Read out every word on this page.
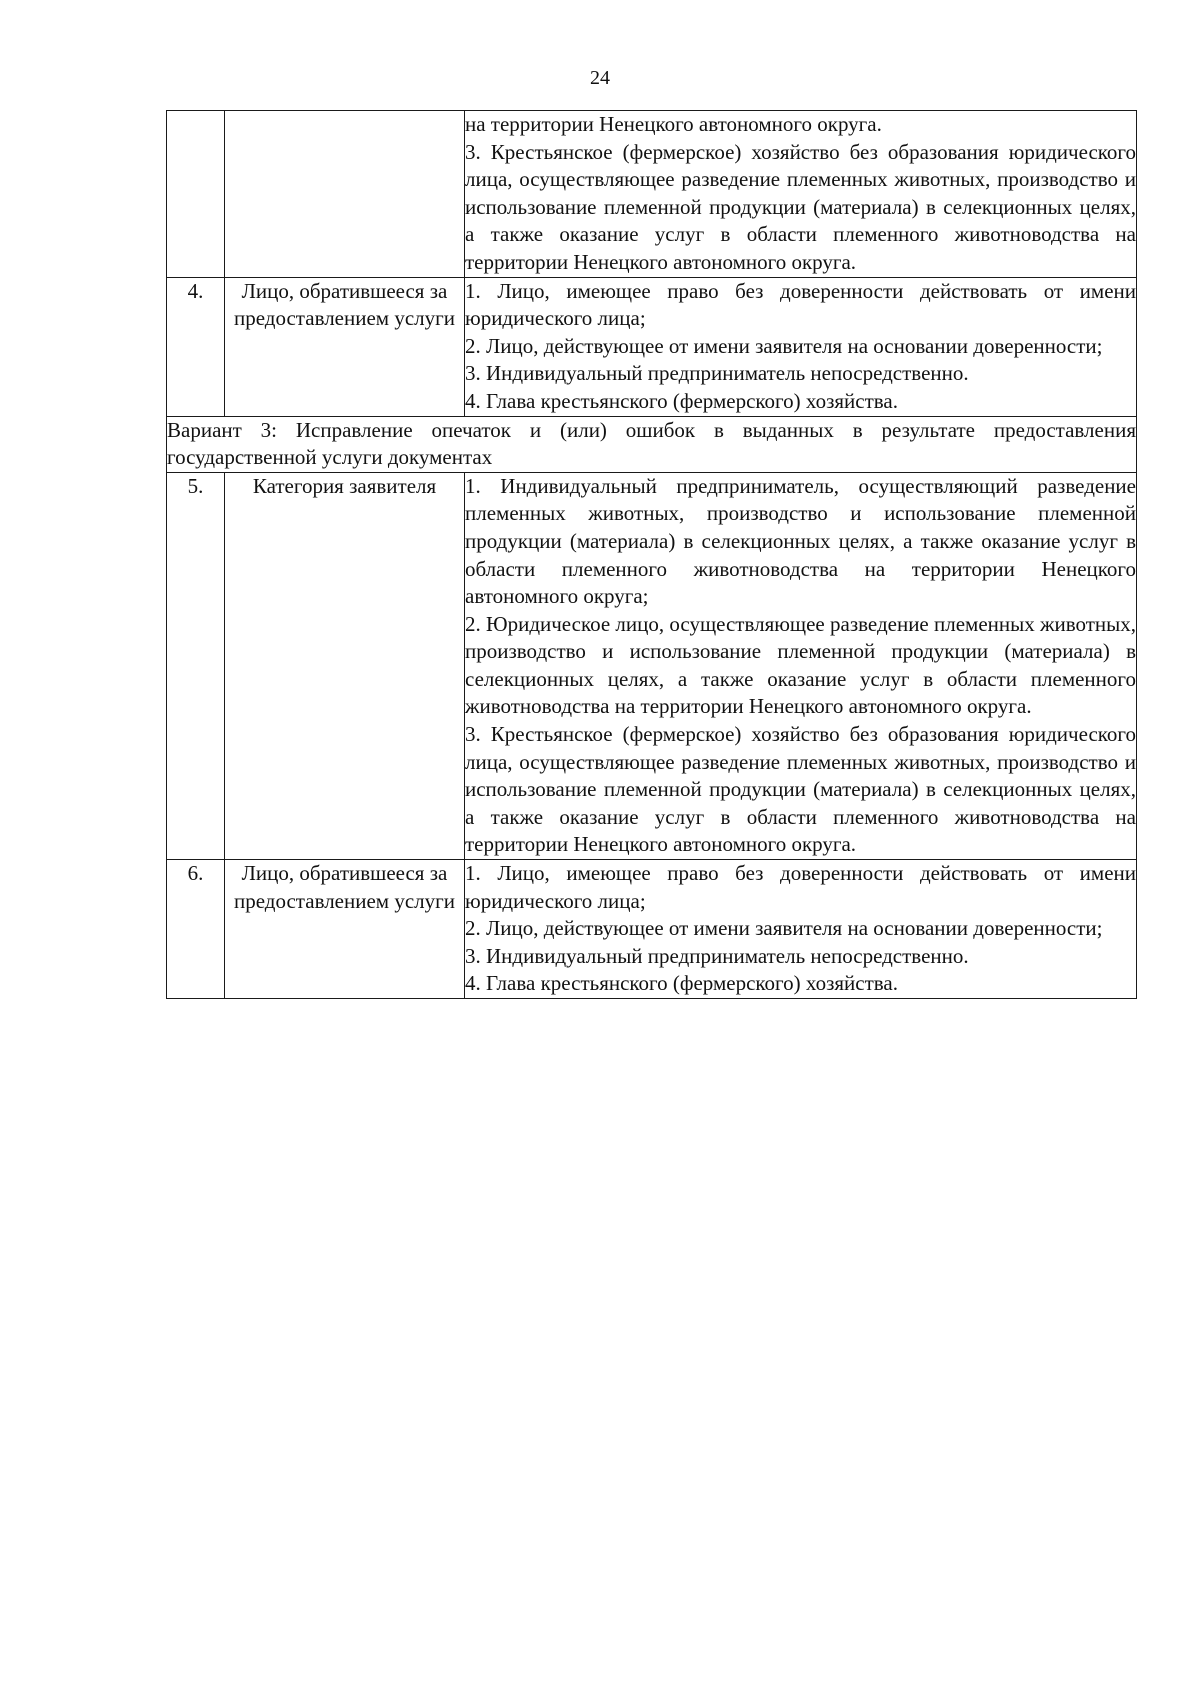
24

		на территории Ненецкого автономного округа.
3. Крестьянское (фермерское) хозяйство без образования юридического лица, осуществляющее разведение племенных животных, производство и использование племенной продукции (материала) в селекционных целях, а также оказание услуг в области племенного животноводства на территории Ненецкого автономного округа.

4.	Лицо, обратившееся за предоставлением услуги	1. Лицо, имеющее право без доверенности действовать от имени юридического лица;
2. Лицо, действующее от имени заявителя на основании доверенности;
3. Индивидуальный предприниматель непосредственно.
4. Глава крестьянского (фермерского) хозяйства.

Вариант 3: Исправление опечаток и (или) ошибок в выданных в результате предоставления государственной услуги документах		
5.	Категория заявителя	1. Индивидуальный предприниматель, осуществляющий разведение племенных животных, производство и использование племенной продукции (материала) в селекционных целях, а также оказание услуг в области племенного животноводства на территории Ненецкого автономного округа;
2. Юридическое лицо, осуществляющее разведение племенных животных, производство и использование племенной продукции (материала) в селекционных целях, а также оказание услуг в области племенного животноводства на территории Ненецкого автономного округа.
3. Крестьянское (фермерское) хозяйство без образования юридического лица, осуществляющее разведение племенных животных, производство и использование племенной продукции (материала) в селекционных целях, а также оказание услуг в области племенного животноводства на территории Ненецкого автономного округа.

6.	Лицо, обратившееся за предоставлением услуги	1. Лицо, имеющее право без доверенности действовать от имени юридического лица;
2. Лицо, действующее от имени заявителя на основании доверенности;
3. Индивидуальный предприниматель непосредственно.
4. Глава крестьянского (фермерского) хозяйства.
